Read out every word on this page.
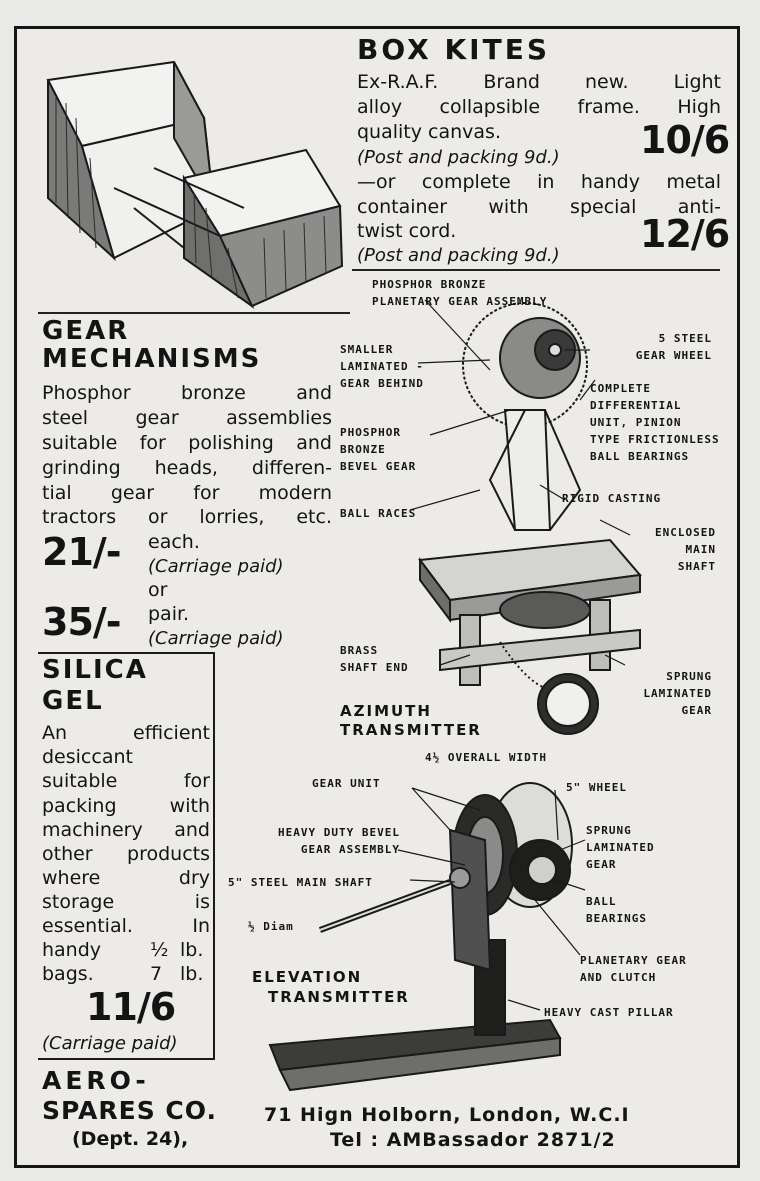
BOX KITES
Ex-R.A.F. Brand new. Light
alloy collapsible frame. High
quality canvas.
(Post and packing 9d.) 10/6
—or complete in handy metal
container with special anti-
twist cord.
(Post and packing 9d.) 12/6
GEAR
MECHANISMS
Phosphor bronze and
steel gear assemblies
suitable for polishing and
grinding heads, differen-
tial gear for modern
tractors or lorries, etc.
21/- each.
(Carriage paid)
or
35/- pair.
(Carriage paid)
SILICA
GEL
An efficient
desiccant
suitable for
packing with
machinery and
other products
where dry
storage is
essential. In
handy	½ lb.
bags.	7 lb.
11/6
(Carriage paid)
PHOSPHOR BRONZE
PLANETARY GEAR ASSEMBLY
5 STEEL
GEAR WHEEL
SMALLER
LAMINATED -
GEAR BEHIND	COMPLETE
DIFFERENTIAL
UNIT, PINION
TYPE FRICTIONLESS
BALL BEARINGS
PHOSPHOR
BRONZE
BEVEL GEAR
RIGID CASTING
BALL RACES
ENCLOSED
MAIN
SHAFT
BRASS
SHAFT END
SPRUNG
LAMINATED
GEAR
AZIMUTH
TRANSMITTER
4½ OVERALL WIDTH
GEAR UNIT	5" WHEEL
HEAVY DUTY BEVEL
GEAR ASSEMBLY
SPRUNG
LAMINATED
GEAR
5" STEEL MAIN SHAFT
BALL
BEARINGS
½ Diam
PLANETARY GEAR
AND CLUTCH
ELEVATION
TRANSMITTER
HEAVY CAST PILLAR
AERO-
SPARES CO.
(Dept. 24),
71 Hign Holborn, London, W.C.I
Tel : AMBassador 2871/2
